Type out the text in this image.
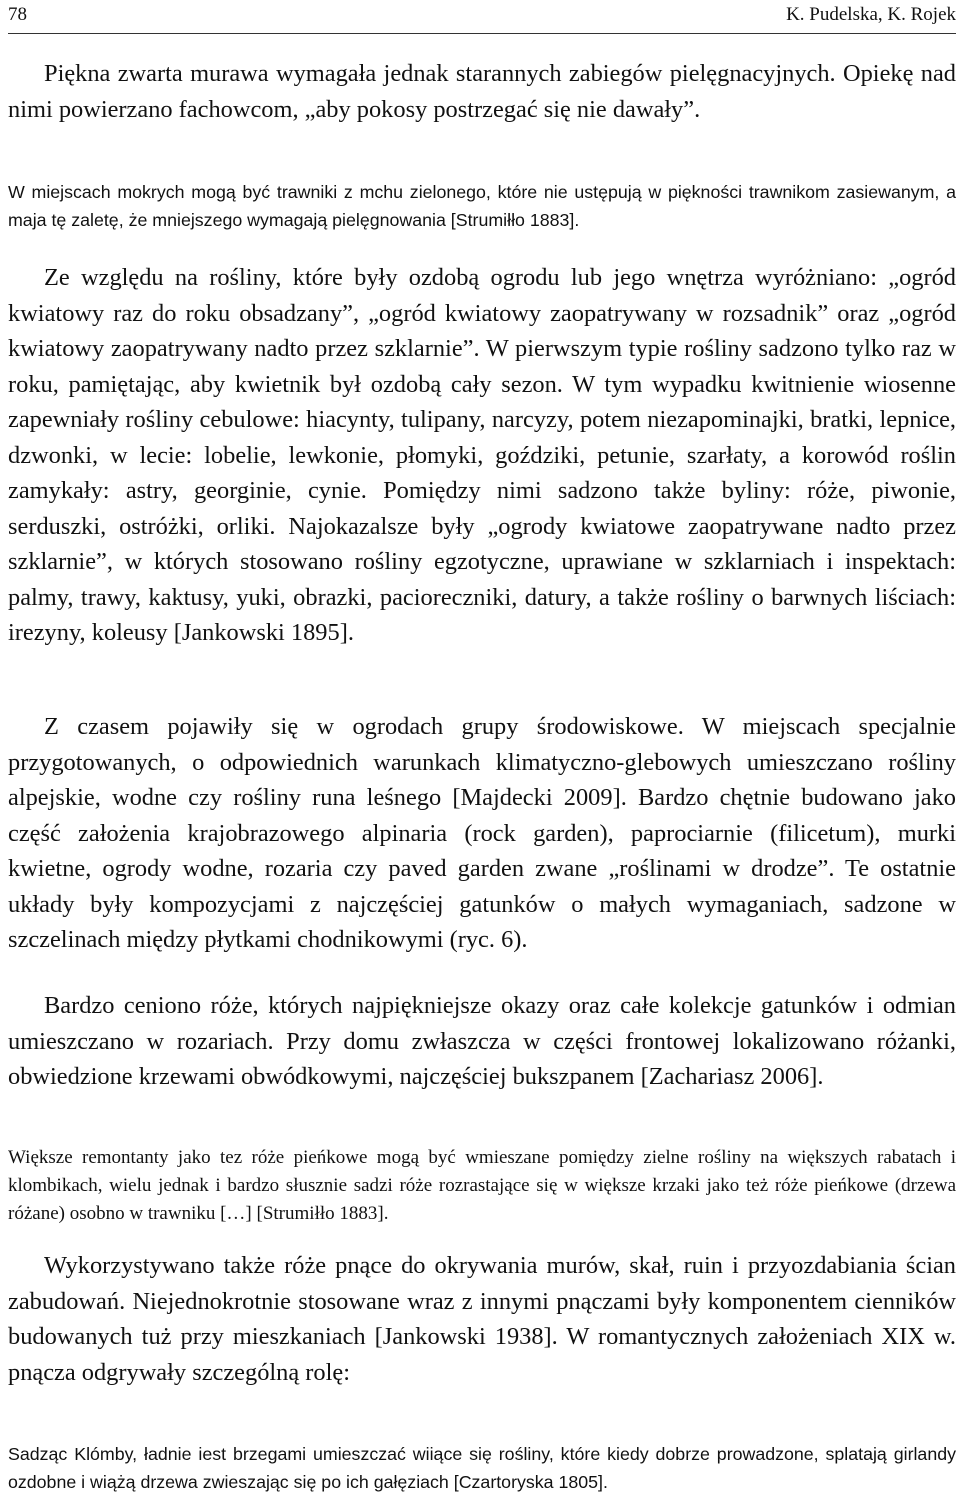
78	K. Pudelska, K. Rojek

Piękna zwarta murawa wymagała jednak starannych zabiegów pielęgnacyjnych. Opiekę nad nimi powierzano fachowcom, „aby pokosy postrzegać się nie dawały”.

W miejscach mokrych mogą być trawniki z mchu zielonego, które nie ustępują w piękności trawnikom zasiewanym, a maja tę zaletę, że mniejszego wymagają pielęgnowania [Strumiłło 1883].

Ze względu na rośliny, które były ozdobą ogrodu lub jego wnętrza wyróżniano: „ogród kwiatowy raz do roku obsadzany”, „ogród kwiatowy zaopatrywany w rozsadnik” oraz „ogród kwiatowy zaopatrywany nadto przez szklarnie”. W pierwszym typie rośliny sadzono tylko raz w roku, pamiętając, aby kwietnik był ozdobą cały sezon. W tym wypadku kwitnienie wiosenne zapewniały rośliny cebulowe: hiacynty, tulipany, narcyzy, potem niezapominajki, bratki, lepnice, dzwonki, w lecie: lobelie, lewkonie, płomyki, goździki, petunie, szarłaty, a korowód roślin zamykały: astry, georginie, cynie. Pomiędzy nimi sadzono także byliny: róże, piwonie, serduszki, ostróżki, orliki. Najokazalsze były „ogrody kwiatowe zaopatrywane nadto przez szklarnie”, w których stosowano rośliny egzotyczne, uprawiane w szklarniach i inspektach: palmy, trawy, kaktusy, yuki, obrazki, pacioreczniki, datury, a także rośliny o barwnych liściach: irezyny, koleusy [Jankowski 1895].

Z czasem pojawiły się w ogrodach grupy środowiskowe. W miejscach specjalnie przygotowanych, o odpowiednich warunkach klimatyczno-glebowych umieszczano rośliny alpejskie, wodne czy rośliny runa leśnego [Majdecki 2009]. Bardzo chętnie budowano jako część założenia krajobrazowego alpinaria (rock garden), paprociarnie (filicetum), murki kwietne, ogrody wodne, rozaria czy paved garden zwane „roślinami w drodze”. Te ostatnie układy były kompozycjami z najczęściej gatunków o małych wymaganiach, sadzone w szczelinach między płytkami chodnikowymi (ryc. 6).

Bardzo ceniono róże, których najpiękniejsze okazy oraz całe kolekcje gatunków i odmian umieszczano w rozariach. Przy domu zwłaszcza w części frontowej lokalizowano różanki, obwiedzione krzewami obwódkowymi, najczęściej bukszpanem [Zachariasz 2006].

Większe remontanty jako tez róże pieńkowe mogą być wmieszane pomiędzy zielne rośliny na większych rabatach i klombikach, wielu jednak i bardzo słusznie sadzi róże rozrastające się w większe krzaki jako też róże pieńkowe (drzewa różane) osobno w trawniku […] [Strumiłło 1883].

Wykorzystywano także róże pnące do okrywania murów, skał, ruin i przyozdabiania ścian zabudowań. Niejednokrotnie stosowane wraz z innymi pnączami były komponentem cienników budowanych tuż przy mieszkaniach [Jankowski 1938]. W romantycznych założeniach XIX w. pnącza odgrywały szczególną rolę:

Sadząc Klómby, ładnie iest brzegami umieszczać wiiące się rośliny, które kiedy dobrze prowadzone, splatają girlandy ozdobne i wiążą drzewa zwieszając się po ich gałęziach [Czartoryska 1805].
